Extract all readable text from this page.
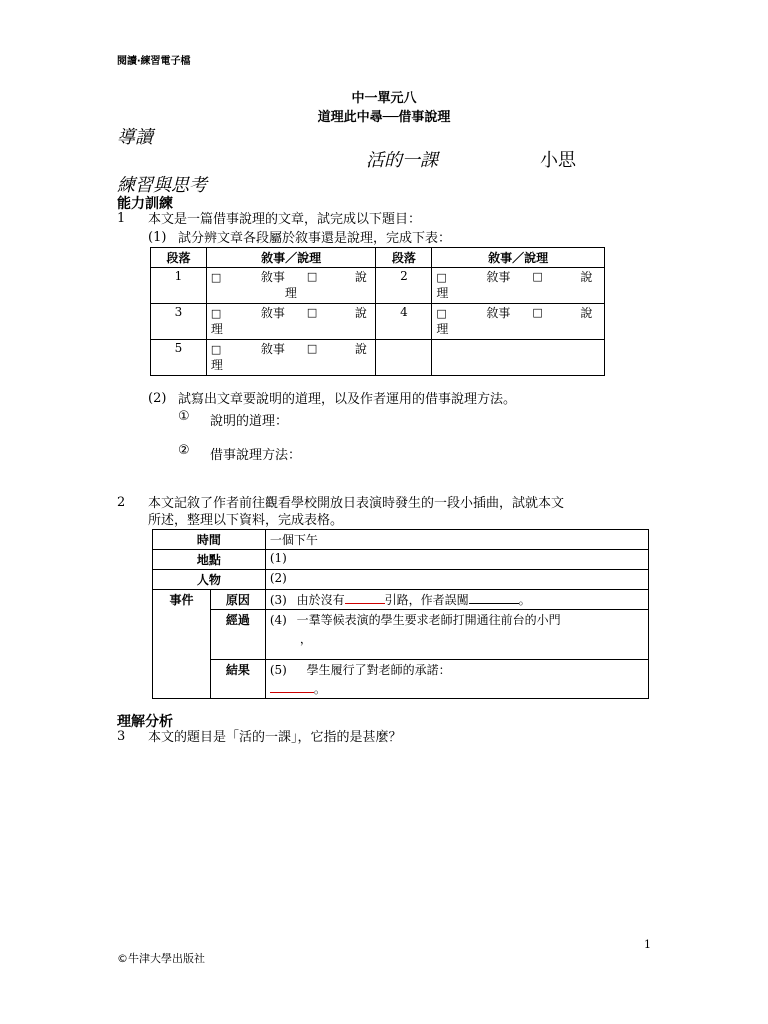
閱讀‧練習電子檔
中一單元八
道理此中尋──借事說理
導讀
活的一課	小思
練習與思考
能力訓練
1 本文是一篇借事說理的文章，試完成以下題目：
(1) 試分辨文章各段屬於敘事還是說理，完成下表：
段落	敘事／說理	段落	敘事／說理
1	□ 敘事 □ 說
理	2	□ 敘事 □ 說
理

3	□ 敘事 □ 說
理	4	□ 敘事 □ 說
理

5	□ 敘事 □ 說
理		

(2) 試寫出文章要說明的道理，以及作者運用的借事說理方法。
① 說明的道理：
② 借事說理方法：
2 本文記敘了作者前往觀看學校開放日表演時發生的一段小插曲，試就本文
所述，整理以下資料，完成表格。
時間		一個下午
地點		(1)
人物		(2)
事件	原因	(3) 由於沒有 引路，作者誤闖 。
	經過	(4) 一羣等候表演的學生要求老師打開通往前台的小門
，

	結果	(5) 學生履行了對老師的承諾：
。
理解分析
3 本文的題目是「活的一課」，它指的是甚麼？
1
©牛津大學出版社
